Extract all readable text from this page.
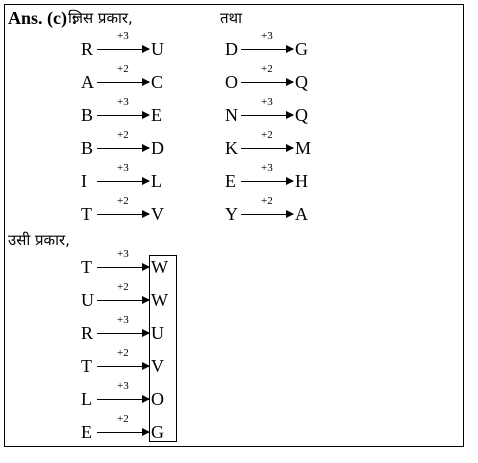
Ans. (c) :
जिस प्रकार,	तथा
R
+3
U
A
+2
C
B
+3
E
B
+2
D
I
+3
L
T
+2
V
D
+3
G
O
+2
Q
N
+3
Q
K
+2
M
E
+3
H
Y
+2
A
उसी प्रकार,
T
+3
W
U
+2
W
R
+3
U
T
+2
V
L
+3
O
E
+2
G
